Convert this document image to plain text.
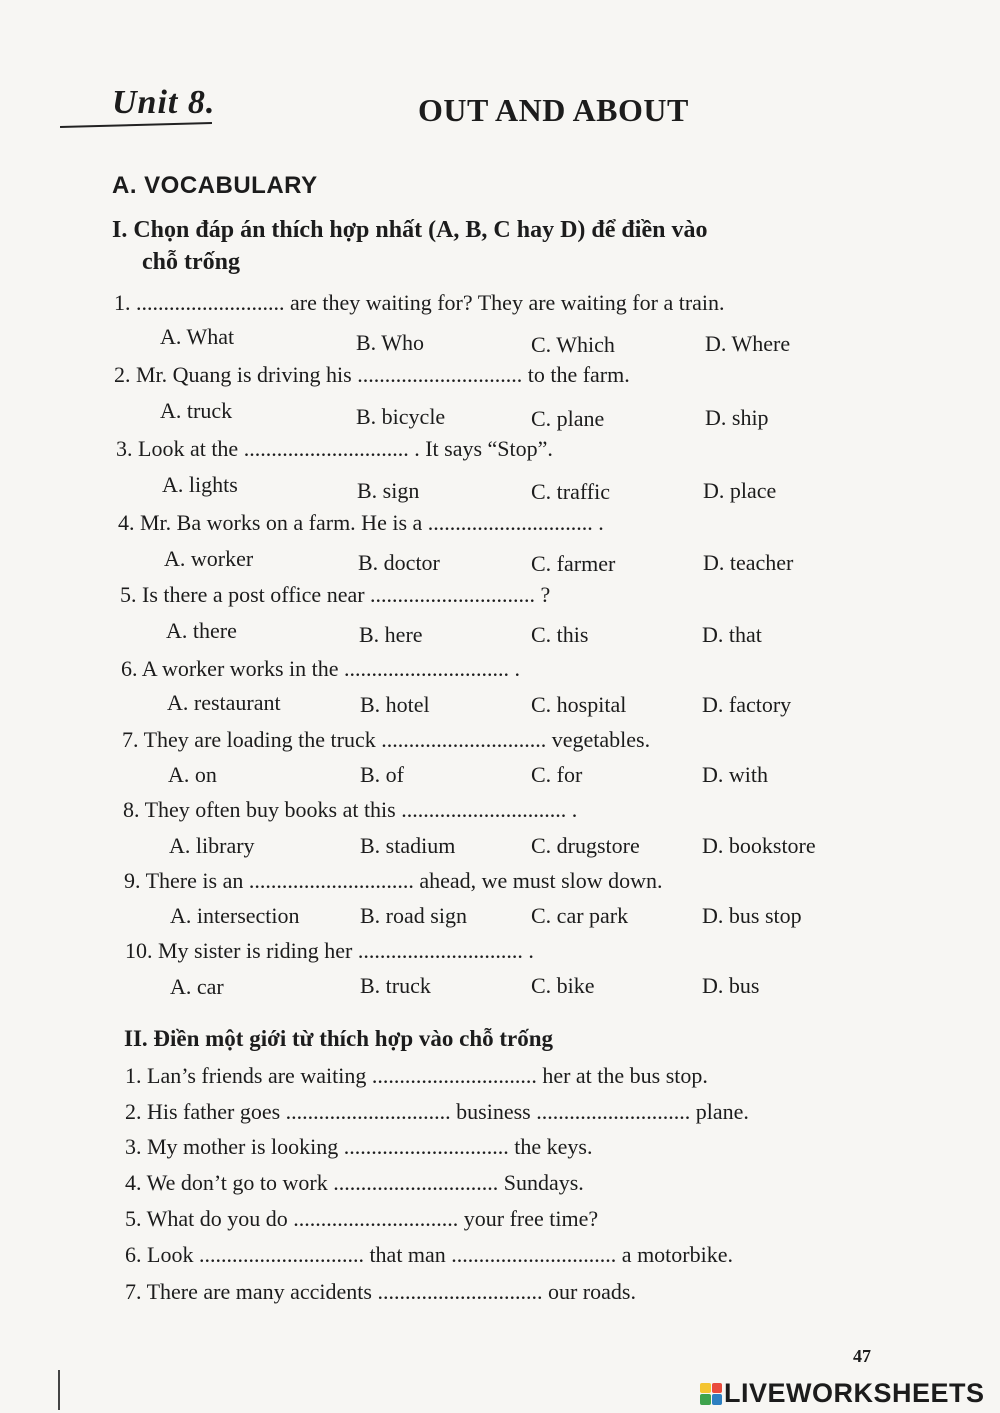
Unit 8.	OUT AND ABOUT
A. VOCABULARY
I. Chọn đáp án thích hợp nhất (A, B, C hay D) để điền vào
chỗ trống
1. ........................... are they waiting for? They are waiting for a train.
A. What	B. Who	C. Which	D. Where
2. Mr. Quang is driving his .............................. to the farm.
A. truck	B. bicycle	C. plane	D. ship
3. Look at the .............................. . It says “Stop”.
A. lights	B. sign	C. traffic	D. place
4. Mr. Ba works on a farm. He is a .............................. .
A. worker	B. doctor	C. farmer	D. teacher
5. Is there a post office near .............................. ?
A. there	B. here	C. this	D. that
6. A worker works in the .............................. .
A. restaurant	B. hotel	C. hospital	D. factory
7. They are loading the truck .............................. vegetables.
A. on	B. of	C. for	D. with
8. They often buy books at this .............................. .
A. library	B. stadium	C. drugstore	D. bookstore
9. There is an .............................. ahead, we must slow down.
A. intersection	B. road sign	C. car park	D. bus stop
10. My sister is riding her .............................. .
A. car	B. truck	C. bike	D. bus
II. Điền một giới từ thích hợp vào chỗ trống
1. Lan’s friends are waiting .............................. her at the bus stop.
2. His father goes .............................. business ............................ plane.
3. My mother is looking .............................. the keys.
4. We don’t go to work .............................. Sundays.
5. What do you do .............................. your free time?
6. Look .............................. that man .............................. a motorbike.
7. There are many accidents .............................. our roads.
47
LIVEWORKSHEETS
